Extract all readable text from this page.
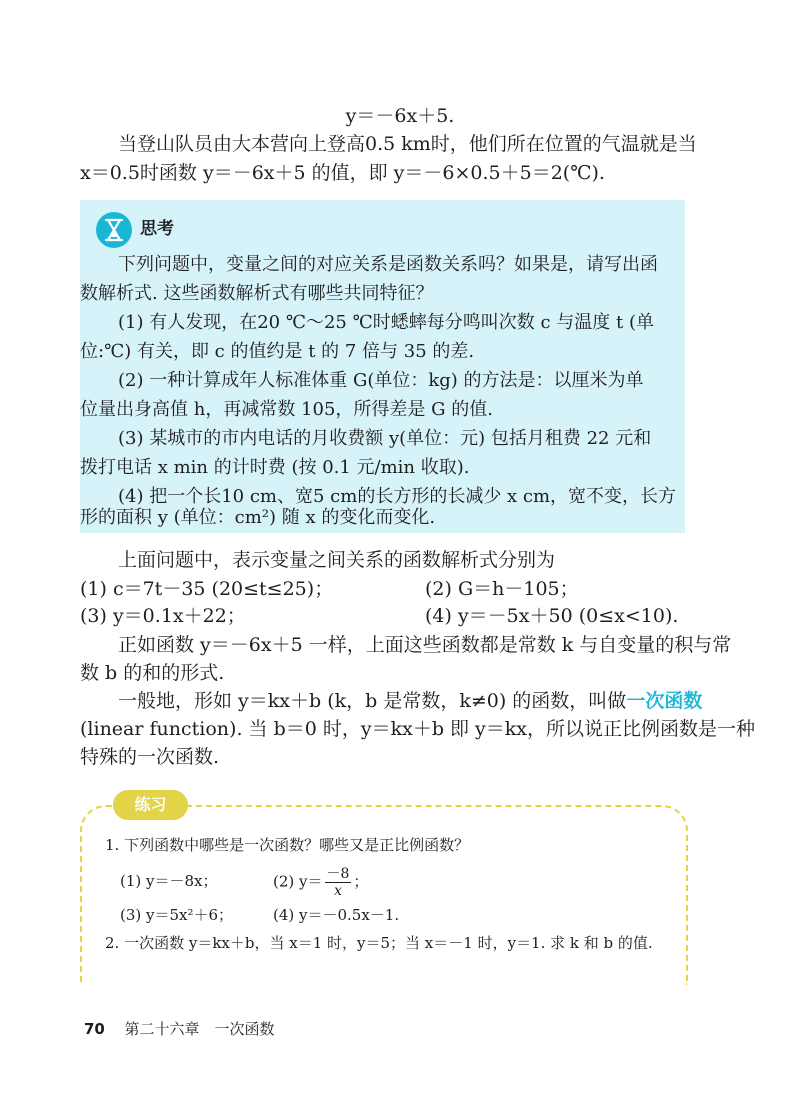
y＝－6x＋5.
当登山队员由大本营向上登高0.5 km时，他们所在位置的气温就是当
x＝0.5时函数 y＝－6x＋5 的值，即 y＝－6×0.5＋5＝2(℃).
思考
下列问题中，变量之间的对应关系是函数关系吗？如果是，请写出函
数解析式. 这些函数解析式有哪些共同特征？
(1) 有人发现，在20 ℃～25 ℃时蟋蟀每分鸣叫次数 c 与温度 t (单
位:℃) 有关，即 c 的值约是 t 的 7 倍与 35 的差.
(2) 一种计算成年人标准体重 G(单位：kg) 的方法是：以厘米为单
位量出身高值 h，再减常数 105，所得差是 G 的值.
(3) 某城市的市内电话的月收费额 y(单位：元) 包括月租费 22 元和
拨打电话 x min 的计时费 (按 0.1 元/min 收取).
(4) 把一个长10 cm、宽5 cm的长方形的长减少 x cm，宽不变，长方
形的面积 y (单位：cm²) 随 x 的变化而变化.
上面问题中，表示变量之间关系的函数解析式分别为
(1) c＝7t－35 (20≤t≤25)；	(2) G＝h－105；
(3) y＝0.1x＋22；	(4) y＝－5x＋50 (0≤x<10).
正如函数 y＝－6x＋5 一样，上面这些函数都是常数 k 与自变量的积与常
数 b 的和的形式.
一般地，形如 y＝kx＋b (k，b 是常数，k≠0) 的函数，叫做一次函数
(linear function). 当 b＝0 时，y＝kx＋b 即 y＝kx，所以说正比例函数是一种
特殊的一次函数.
练习
1. 下列函数中哪些是一次函数？哪些又是正比例函数？
(1) y＝－8x；	(2) $y= \frac{-8}{x}$ ；
(3) y＝5x²＋6；	(4) y＝－0.5x－1.
2. 一次函数 y＝kx＋b，当 x＝1 时，y＝5；当 x＝－1 时，y＝1. 求 k 和 b 的值.
70 第二十六章　一次函数
